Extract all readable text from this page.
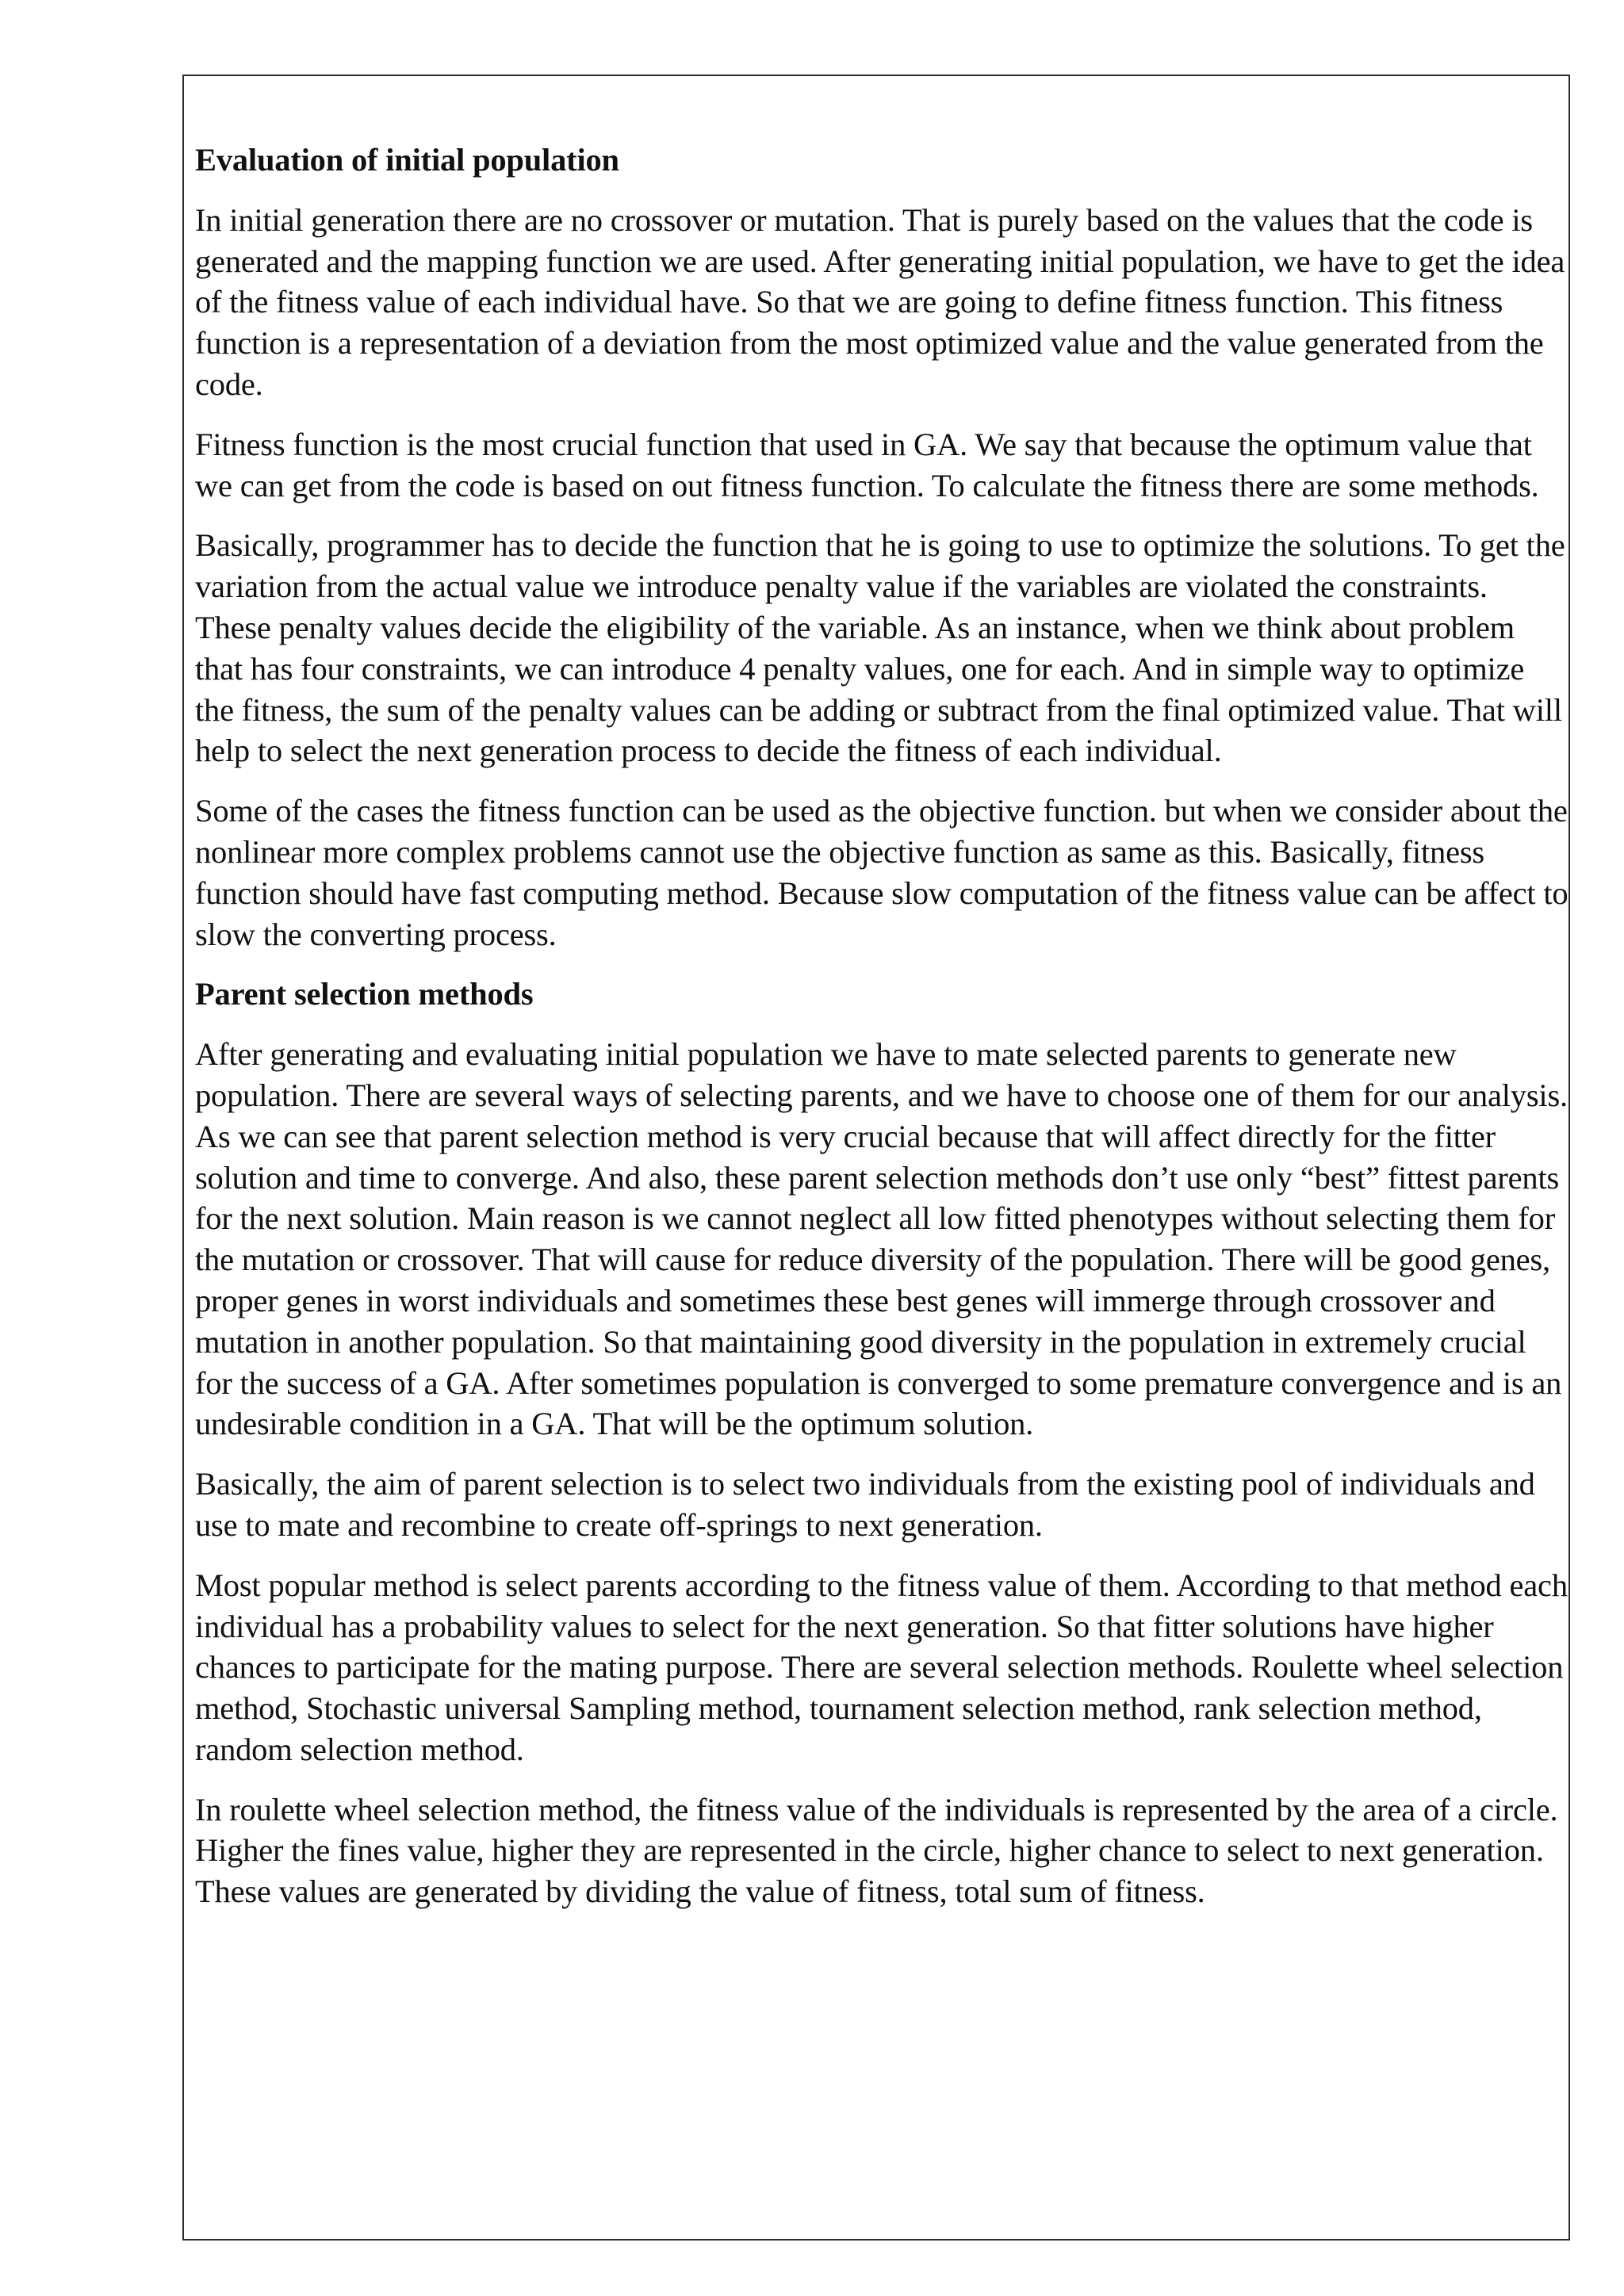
Evaluation of initial population

In initial generation there are no crossover or mutation. That is purely based on the values that the code is generated and the mapping function we are used. After generating initial population, we have to get the idea of the fitness value of each individual have. So that we are going to define fitness function. This fitness function is a representation of a deviation from the most optimized value and the value generated from the code.

Fitness function is the most crucial function that used in GA. We say that because the optimum value that we can get from the code is based on out fitness function. To calculate the fitness there are some methods.

Basically, programmer has to decide the function that he is going to use to optimize the solutions. To get the variation from the actual value we introduce penalty value if the variables are violated the constraints. These penalty values decide the eligibility of the variable. As an instance, when we think about problem that has four constraints, we can introduce 4 penalty values, one for each. And in simple way to optimize the fitness, the sum of the penalty values can be adding or subtract from the final optimized value. That will help to select the next generation process to decide the fitness of each individual.

Some of the cases the fitness function can be used as the objective function. but when we consider about the nonlinear more complex problems cannot use the objective function as same as this. Basically, fitness function should have fast computing method. Because slow computation of the fitness value can be affect to slow the converting process.

Parent selection methods

After generating and evaluating initial population we have to mate selected parents to generate new population. There are several ways of selecting parents, and we have to choose one of them for our analysis. As we can see that parent selection method is very crucial because that will affect directly for the fitter solution and time to converge. And also, these parent selection methods don’t use only “best” fittest parents for the next solution. Main reason is we cannot neglect all low fitted phenotypes without selecting them for the mutation or crossover. That will cause for reduce diversity of the population. There will be good genes, proper genes in worst individuals and sometimes these best genes will immerge through crossover and mutation in another population. So that maintaining good diversity in the population in extremely crucial for the success of a GA. After sometimes population is converged to some premature convergence and is an undesirable condition in a GA. That will be the optimum solution.

Basically, the aim of parent selection is to select two individuals from the existing pool of individuals and use to mate and recombine to create off-springs to next generation.

Most popular method is select parents according to the fitness value of them. According to that method each individual has a probability values to select for the next generation. So that fitter solutions have higher chances to participate for the mating purpose. There are several selection methods. Roulette wheel selection method, Stochastic universal Sampling method, tournament selection method, rank selection method, random selection method.

In roulette wheel selection method, the fitness value of the individuals is represented by the area of a circle. Higher the fines value, higher they are represented in the circle, higher chance to select to next generation. These values are generated by dividing the value of fitness, total sum of fitness.
